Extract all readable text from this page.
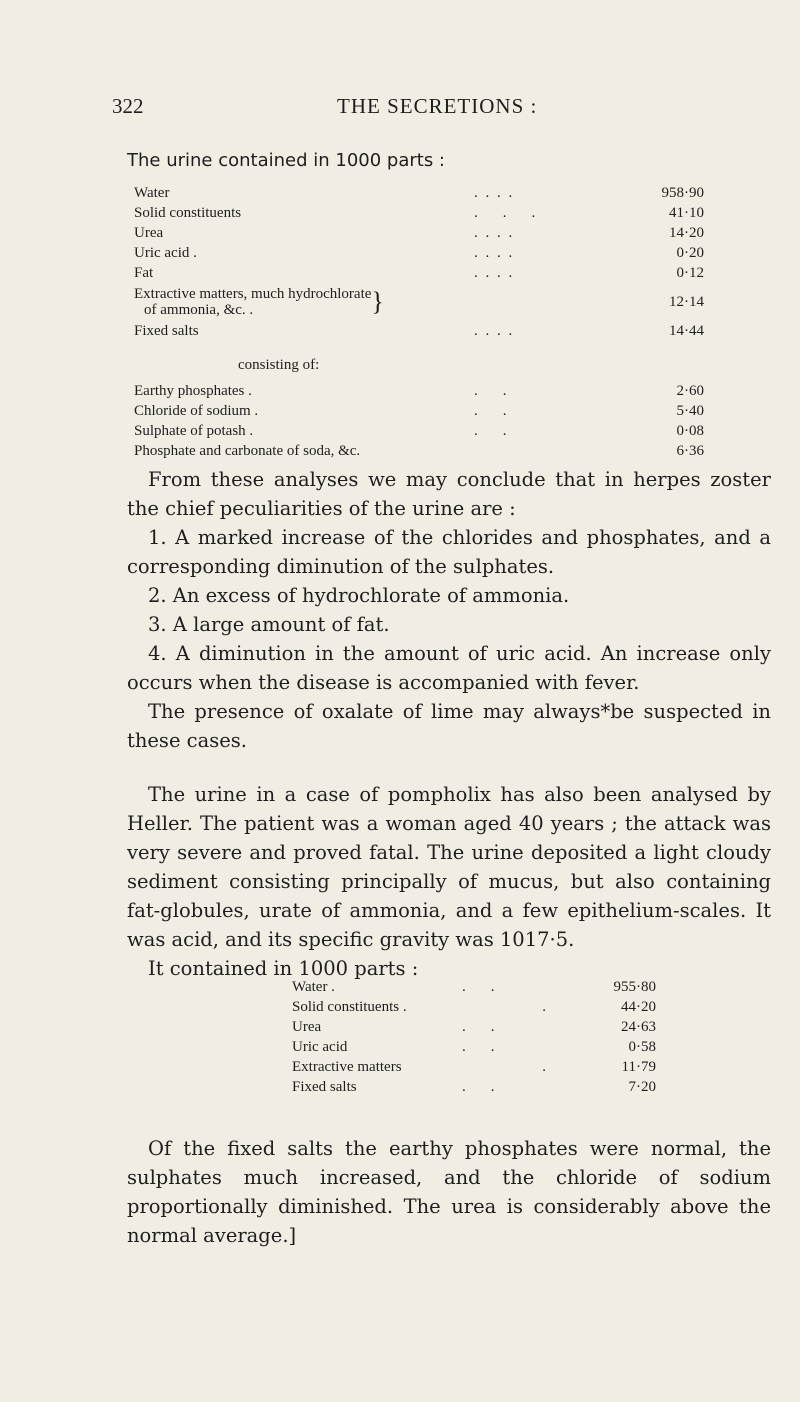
322	THE SECRETIONS :
The urine contained in 1000 parts :
Water	. . . .	958·90
Solid constituents	.    .    .	41·10
Urea	. . . .	14·20
Uric acid .	. . . .	0·20
Fat	. . . .	0·12

Extractive matters, much hydrochlorate
of ammonia, &c. . }		12·14
Fixed salts	. . . .	14·44
consisting of:		
Earthy phosphates .	.    .	2·60
Chloride of sodium .	.    .	5·40
Sulphate of potash .	.    .	0·08
Phosphate and carbonate of soda, &c.		6·36

From these analyses we may conclude that in herpes zoster the chief peculiarities of the urine are :

1. A marked increase of the chlorides and phosphates, and a corresponding diminution of the sulphates.

2. An excess of hydrochlorate of ammonia.

3. A large amount of fat.

4. A diminution in the amount of uric acid. An increase only occurs when the disease is accompanied with fever.

The presence of oxalate of lime may always*be suspected in these cases.

The urine in a case of pompholix has also been analysed by Heller. The patient was a woman aged 40 years ; the attack was very severe and proved fatal. The urine deposited a light cloudy sediment consisting principally of mucus, but also containing fat-globules, urate of ammonia, and a few epithelium-scales. It was acid, and its specific gravity was 1017·5.

It contained in 1000 parts :

Water .	.    .	955·80
Solid constituents .	.	44·20
Urea	.    .	24·63
Uric acid	.    .	0·58
Extractive matters	.	11·79
Fixed salts	.    .	7·20

Of the fixed salts the earthy phosphates were normal, the sulphates much increased, and the chloride of sodium proportionally diminished. The urea is considerably above the normal average.]
